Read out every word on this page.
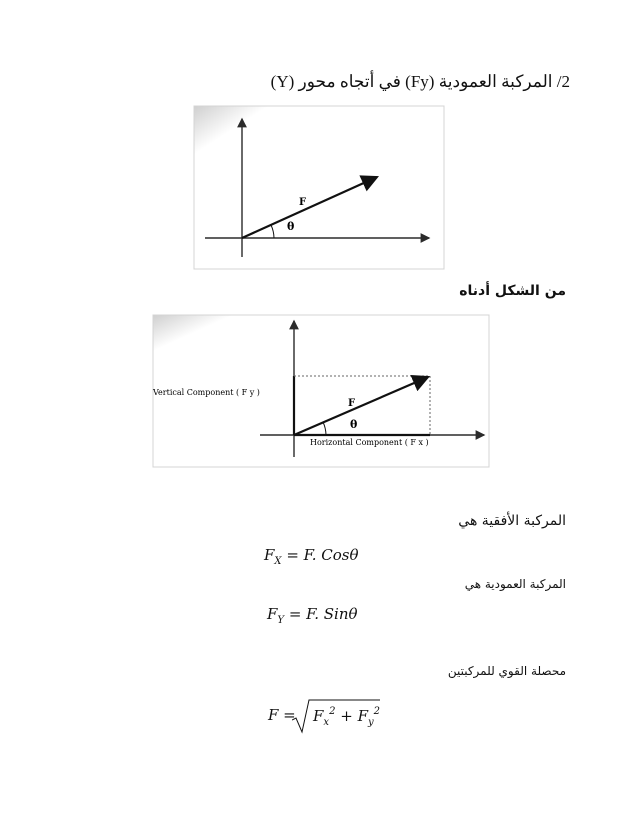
2/ المركبة العمودية (Fy) في أتجاه محور (Y)
F
θ
من الشكل أدناه
F
θ
Vertical Component ( F y )
Horizontal Component ( F x )
المركبة الأفقية هي
$F_X = F$. Cosθ
المركبة العمودية هي
$F_Y = F$. Sinθ
محصلة القوي للمركبتين
$F = F_x^2 + F_y^2$
